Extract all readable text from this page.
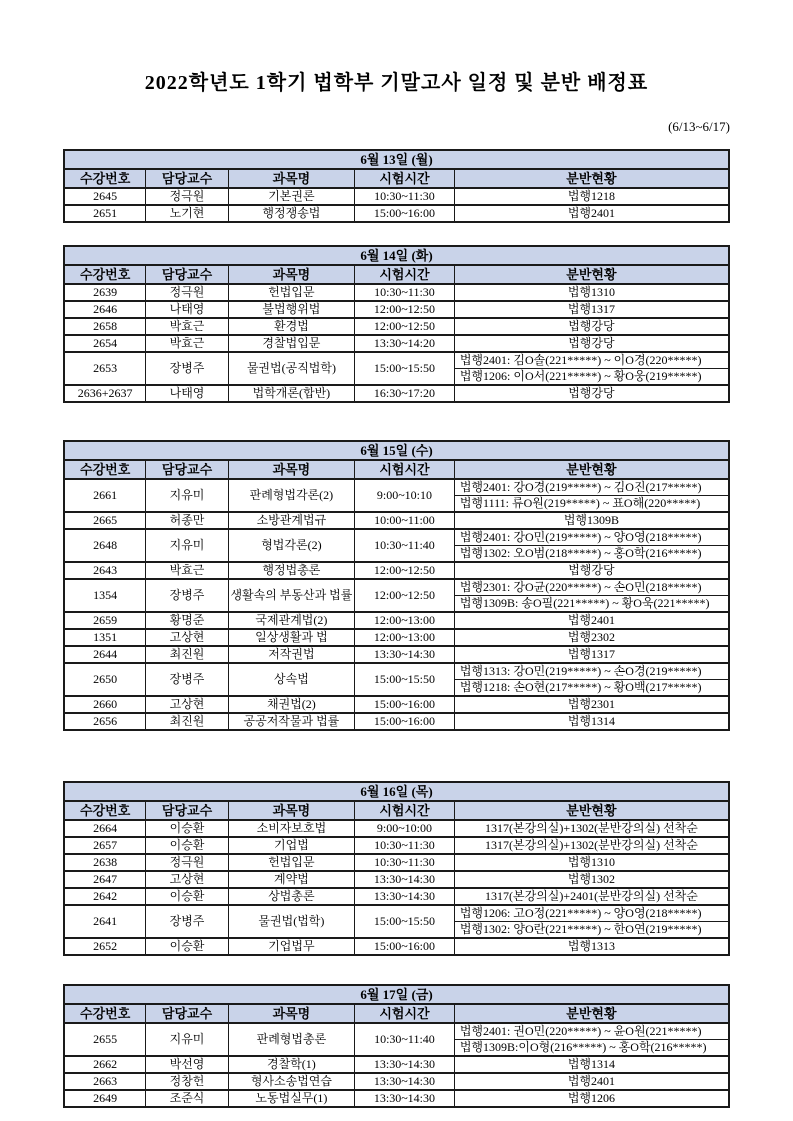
2022학년도 1학기 법학부 기말고사 일정 및 분반 배정표
(6/13~6/17)
6월 13일 (월)				
수강번호	담당교수	과목명	시험시간	분반현황
2645	정극원	기본권론	10:30~11:30	법행1218
2651	노기현	행정쟁송법	15:00~16:00	법행2401
6월 14일 (화)				
수강번호	담당교수	과목명	시험시간	분반현황
2639	정극원	헌법입문	10:30~11:30	법행1310
2646	나태영	불법행위법	12:00~12:50	법행1317
2658	박효근	환경법	12:00~12:50	법행강당
2654	박효근	경찰법입문	13:30~14:20	법행강당
2653	장병주	물권법(공직법학)	15:00~15:50	법행2401: 김O솔(221*****) ~ 이O경(220*****)
법행1206: 이O서(221*****) ~ 황O웅(219*****)

2636+2637	나태영	법학개론(합반)	16:30~17:20	법행강당
6월 15일 (수)				
수강번호	담당교수	과목명	시험시간	분반현황
2661	지유미	판례형법각론(2)	9:00~10:10	법행2401: 강O경(219*****) ~ 김O진(217*****)
법행1111: 류O원(219*****) ~ 표O해(220*****)

2665	허종만	소방관계법규	10:00~11:00	법행1309B
2648	지유미	형법각론(2)	10:30~11:40	법행2401: 강O민(219*****) ~ 양O영(218*****)
법행1302: 오O범(218*****) ~ 홍O학(216*****)

2643	박효근	행정법총론	12:00~12:50	법행강당
1354	장병주	생활속의 부동산과 법률	12:00~12:50	법행2301: 강O균(220*****) ~ 손O민(218*****)
법행1309B: 송O필(221*****) ~ 황O욱(221*****)

2659	황명준	국제관계법(2)	12:00~13:00	법행2401
1351	고상현	일상생활과 법	12:00~13:00	법행2302
2644	최진원	저작권법	13:30~14:30	법행1317
2650	장병주	상속법	15:00~15:50	법행1313: 강O민(219*****) ~ 손O경(219*****)
법행1218: 손O현(217*****) ~ 황O백(217*****)

2660	고상현	채권법(2)	15:00~16:00	법행2301
2656	최진원	공공저작물과 법률	15:00~16:00	법행1314
6월 16일 (목)				
수강번호	담당교수	과목명	시험시간	분반현황
2664	이승환	소비자보호법	9:00~10:00	1317(본강의실)+1302(분반강의실) 선착순
2657	이승환	기업법	10:30~11:30	1317(본강의실)+1302(분반강의실) 선착순
2638	정극원	헌법입문	10:30~11:30	법행1310
2647	고상현	계약법	13:30~14:30	법행1302
2642	이승환	상법총론	13:30~14:30	1317(본강의실)+2401(분반강의실) 선착순
2641	장병주	물권법(법학)	15:00~15:50	법행1206: 고O정(221*****) ~ 양O영(218*****)
법행1302: 양O란(221*****) ~ 한O연(219*****)

2652	이승환	기업법무	15:00~16:00	법행1313
6월 17일 (금)				
수강번호	담당교수	과목명	시험시간	분반현황
2655	지유미	판례형법총론	10:30~11:40	법행2401: 권O민(220*****) ~ 윤O원(221*****)
법행1309B:이O형(216*****) ~ 홍O학(216*****)

2662	박선영	경찰학(1)	13:30~14:30	법행1314
2663	정창헌	형사소송법연습	13:30~14:30	법행2401
2649	조준식	노동법실무(1)	13:30~14:30	법행1206
